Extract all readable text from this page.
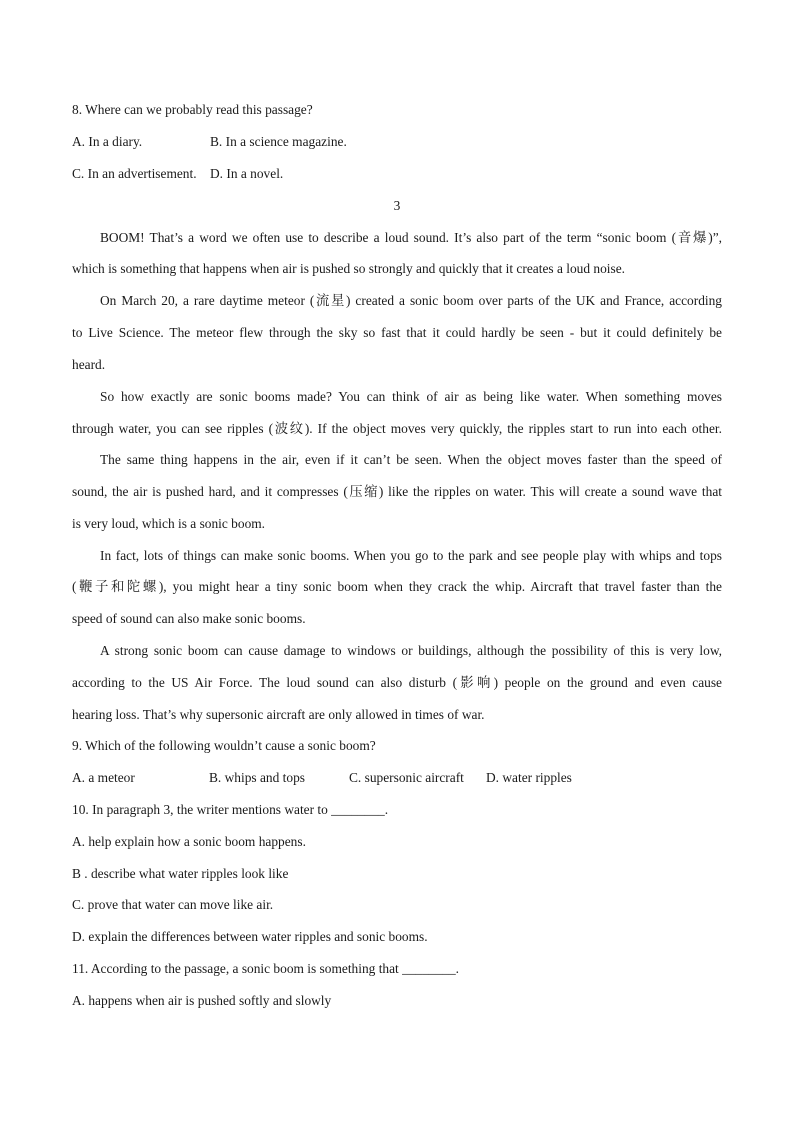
8. Where can we probably read this passage?
A. In a diary.	B. In a science magazine.
C. In an advertisement.	D. In a novel.
3
BOOM! That’s a word we often use to describe a loud sound. It’s also part of the term “sonic boom (音爆)”,
which is something that happens when air is pushed so strongly and quickly that it creates a loud noise.
On March 20, a rare daytime meteor (流星) created a sonic boom over parts of the UK and France, according
to Live Science. The meteor flew through the sky so fast that it could hardly be seen - but it could definitely be
heard.
So how exactly are sonic booms made? You can think of air as being like water. When something moves
through water, you can see ripples (波纹). If the object moves very quickly, the ripples start to run into each other.
The same thing happens in the air, even if it can’t be seen. When the object moves faster than the speed of
sound, the air is pushed hard, and it compresses (压缩) like the ripples on water. This will create a sound wave that
is very loud, which is a sonic boom.
In fact, lots of things can make sonic booms. When you go to the park and see people play with whips and tops
(鞭子和陀螺), you might hear a tiny sonic boom when they crack the whip. Aircraft that travel faster than the
speed of sound can also make sonic booms.
A strong sonic boom can cause damage to windows or buildings, although the possibility of this is very low,
according to the US Air Force. The loud sound can also disturb (影响) people on the ground and even cause
hearing loss. That’s why supersonic aircraft are only allowed in times of war.
9. Which of the following wouldn’t cause a sonic boom?
A. a meteor	B. whips and tops	C. supersonic aircraft	D. water ripples
10. In paragraph 3, the writer mentions water to ________.
A. help explain how a sonic boom happens.
B . describe what water ripples look like
C. prove that water can move like air.
D. explain the differences between water ripples and sonic booms.
11. According to the passage, a sonic boom is something that ________.
A. happens when air is pushed softly and slowly
